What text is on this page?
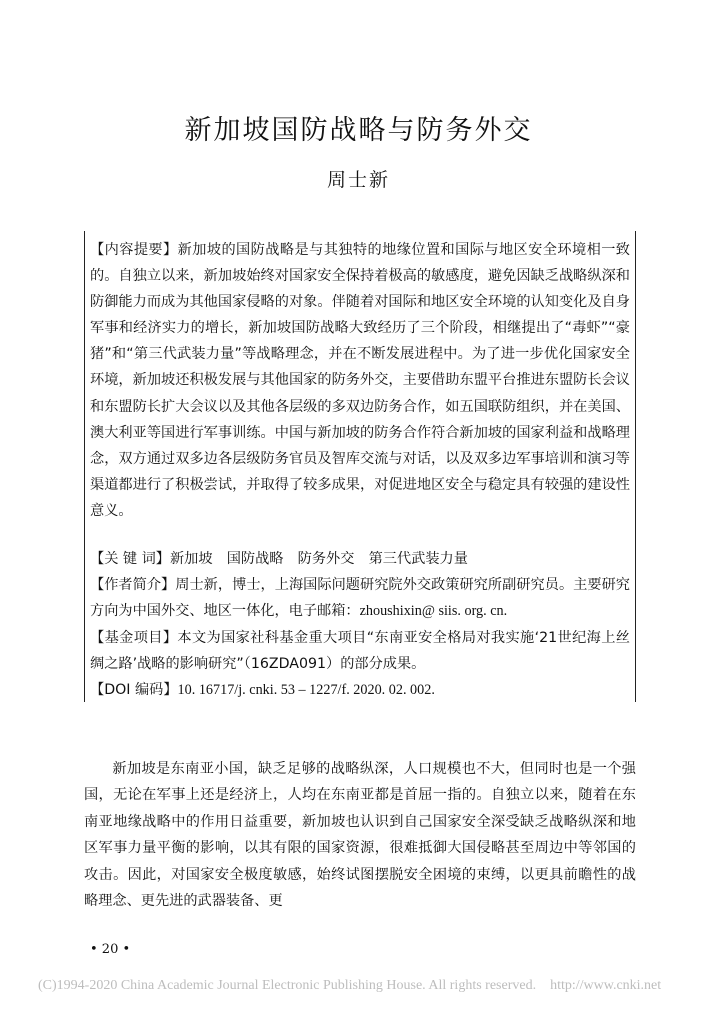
新加坡国防战略与防务外交
周士新

【内容提要】新加坡的国防战略是与其独特的地缘位置和国际与地区安全环境相一致的。自独立以来，新加坡始终对国家安全保持着极高的敏感度，避免因缺乏战略纵深和防御能力而成为其他国家侵略的对象。伴随着对国际和地区安全环境的认知变化及自身军事和经济实力的增长，新加坡国防战略大致经历了三个阶段，相继提出了“毒虾”“豪猪”和“第三代武装力量”等战略理念，并在不断发展进程中。为了进一步优化国家安全环境，新加坡还积极发展与其他国家的防务外交，主要借助东盟平台推进东盟防长会议和东盟防长扩大会议以及其他各层级的多双边防务合作，如五国联防组织，并在美国、澳大利亚等国进行军事训练。中国与新加坡的防务合作符合新加坡的国家利益和战略理念，双方通过双多边各层级防务官员及智库交流与对话，以及双多边军事培训和演习等渠道都进行了积极尝试，并取得了较多成果，对促进地区安全与稳定具有较强的建设性意义。

【关 键 词】新加坡　国防战略　防务外交　第三代武装力量

【作者简介】周士新，博士，上海国际问题研究院外交政策研究所副研究员。主要研究方向为中国外交、地区一体化，电子邮箱：zhoushixin@ siis. org. cn.

【基金项目】本文为国家社科基金重大项目“东南亚安全格局对我实施‘21世纪海上丝绸之路’战略的影响研究”（16ZDA091）的部分成果。

【DOI 编码】10. 16717/j. cnki. 53 – 1227/f. 2020. 02. 002.

新加坡是东南亚小国，缺乏足够的战略纵深，人口规模也不大，但同时也是一个强国，无论在军事上还是经济上，人均在东南亚都是首屈一指的。自独立以来，随着在东南亚地缘战略中的作用日益重要，新加坡也认识到自己国家安全深受缺乏战略纵深和地区军事力量平衡的影响，以其有限的国家资源，很难抵御大国侵略甚至周边中等邻国的攻击。因此，对国家安全极度敏感，始终试图摆脱安全困境的束缚，以更具前瞻性的战略理念、更先进的武器装备、更

• 20 •
(C)1994-2020 China Academic Journal Electronic Publishing House. All rights reserved. http://www.cnki.net
